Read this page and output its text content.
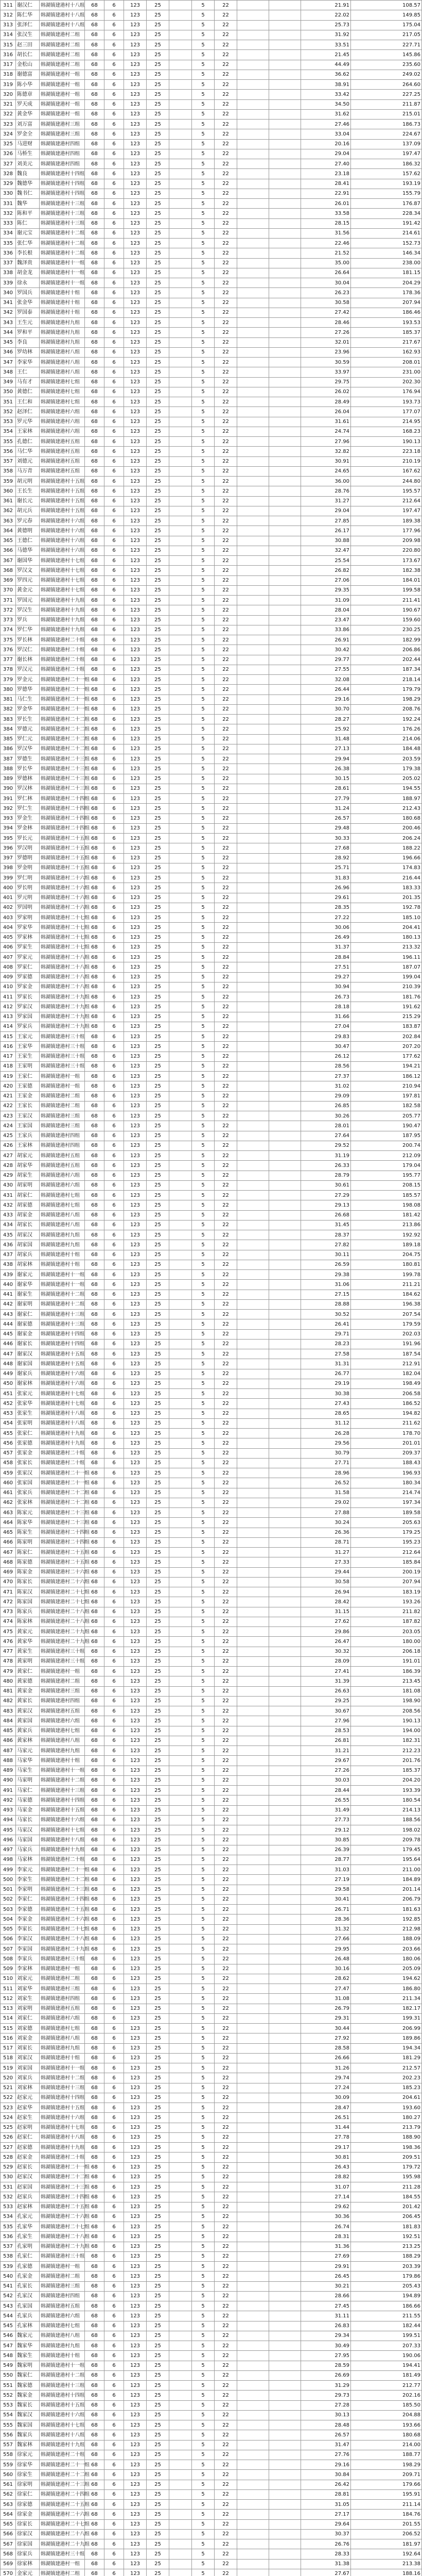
311	谢汉仁	韩湖镇建港村十八组	68	6	123	25		5	22			21.91	108.57
312	陈仁华	韩湖镇建港村十八组	68	6	123	25		5	22			22.02	149.85
313	张泽仁	韩湖镇建港村十八组	68	6	123	25		5	22			25.73	175.04
314	张汉生	韩湖镇建港村二组	68	6	123	25		5	22			31.92	217.05
315	赵三田	韩湖镇建港村二组	68	6	123	25		5	22			33.51	227.71
316	胡长仁	韩湖镇建港村二组	68	6	123	25		5	22			21.45	145.86
317	金松山	韩湖镇建港村二组	68	6	123	25		5	22			44.49	235.60
318	谢德富	韩湖镇建港村一组	68	6	123	25		5	22			36.62	249.02
319	陈小华	韩湖镇建港村一组	68	6	123	25		5	22			38.91	264.60
320	陈德章	韩湖镇建港村一组	68	6	123	25		5	22			33.42	227.25
321	罗天成	韩湖镇建港村一组	68	6	123	25		5	22			34.50	211.87
322	黄金华	韩湖镇建港村一组	68	6	123	25		5	22			31.62	215.01
323	刘万富	韩湖镇建港村三组	68	6	123	25		5	22			27.46	186.73
324	罗金全	韩湖镇建港村三组	68	6	123	25		5	22			33.04	224.67
325	马进财	韩湖镇建港村四组	68	6	123	25		5	22			20.16	137.09
326	马桥生	韩湖镇建港村四组	68	6	123	25		5	22			29.04	197.47
327	刘美元	韩湖镇建港村四组	68	6	123	25		5	22			27.40	186.32
328	魏良	韩湖镇建港村十四组	68	6	123	25		5	22			23.18	157.62
329	魏德华	韩湖镇建港村十四组	68	6	123	25		5	22			28.41	193.19
330	魏书仁	韩湖镇建港村十四组	68	6	123	25		5	22			22.91	155.79
331	魏华	韩湖镇建港村十三组	68	6	123	25		5	22			26.01	176.87
332	陈和平	韩湖镇建港村十三组	68	6	123	25		5	22			33.58	228.34
333	陈仁	韩湖镇建港村十三组	68	6	123	25		5	22			28.15	191.42
334	谢元宝	韩湖镇建港村十二组	68	6	123	25		5	22			31.56	214.61
335	张仁华	韩湖镇建港村十二组	68	6	123	25		5	22			22.46	152.73
336	李长根	韩湖镇建港村十二组	68	6	123	25		5	22			21.52	146.34
337	魏泽贵	韩湖镇建港村十一组	68	6	123	25		5	22			35.00	238.00
338	胡金龙	韩湖镇建港村十一组	68	6	123	25		5	22			26.64	181.15
339	徐永	韩湖镇建港村十一组	68	6	123	25		5	22			30.04	204.29
340	罗国兵	韩湖镇建港村十组	68	6	123	25		5	22			26.23	178.36
341	张金华	韩湖镇建港村十组	68	6	123	25		5	22			30.58	207.94
342	罗国泰	韩湖镇建港村十组	68	6	123	25		5	22			27.42	186.46
343	王生元	韩湖镇建港村九组	68	6	123	25		5	22			28.46	193.53
344	罗和平	韩湖镇建港村九组	68	6	123	25		5	22			27.26	185.37
345	李良	韩湖镇建港村九组	68	6	123	25		5	22			32.01	217.67
346	罗幼林	韩湖镇建港村八组	68	6	123	25		5	22			23.96	162.93
347	李家华	韩湖镇建港村八组	68	6	123	25		5	22			30.59	208.01
348	王仁	韩湖镇建港村八组	68	6	123	25		5	22			33.97	231.00
349	马有才	韩湖镇建港村七组	68	6	123	25		5	22			29.75	202.30
350	黄德仁	韩湖镇建港村七组	68	6	123	25		5	22			26.02	176.94
351	王仁和	韩湖镇建港村七组	68	6	123	25		5	22			28.49	193.73
352	赵泽仁	韩湖镇建港村六组	68	6	123	25		5	22			26.04	177.07
353	罗元华	韩湖镇建港村六组	68	6	123	25		5	22			31.61	214.95
354	王家林	韩湖镇建港村六组	68	6	123	25		5	22			24.74	168.23
355	孔德仁	韩湖镇建港村五组	68	6	123	25		5	22			27.96	190.13
356	马仁华	韩湖镇建港村五组	68	6	123	25		5	22			32.82	223.18
357	刘德元	韩湖镇建港村五组	68	6	123	25		5	22			30.91	210.19
358	马万青	韩湖镇建港村五组	68	6	123	25		5	22			24.65	167.62
359	胡元明	韩湖镇建港村十五组	68	6	123	25		5	22			36.00	244.80
360	王长生	韩湖镇建港村十五组	68	6	123	25		5	22			28.76	195.57
361	谢长元	韩湖镇建港村十五组	68	6	123	25		5	22			31.27	212.64
362	胡元兵	韩湖镇建港村十五组	68	6	123	25		5	22			29.04	197.47
363	罗元春	韩湖镇建港村十六组	68	6	123	25		5	22			27.85	189.38
364	黄德明	韩湖镇建港村十六组	68	6	123	25		5	22			26.17	177.96
365	王德仁	韩湖镇建港村十六组	68	6	123	25		5	22			30.88	209.98
366	马德华	韩湖镇建港村十六组	68	6	123	25		5	22			32.47	220.80
367	谢国华	韩湖镇建港村十七组	68	6	123	25		5	22			25.54	173.67
368	罗汉文	韩湖镇建港村十七组	68	6	123	25		5	22			26.82	182.38
369	罗四元	韩湖镇建港村十七组	68	6	123	25		5	22			27.06	184.01
370	黄金元	韩湖镇建港村十七组	68	6	123	25		5	22			29.35	199.58
371	罗国元	韩湖镇建港村十九组	68	6	123	25		5	22			31.09	211.41
372	罗汉生	韩湖镇建港村十九组	68	6	123	25		5	22			28.04	190.67
373	罗兵	韩湖镇建港村十九组	68	6	123	25		5	22			23.47	159.60
374	罗仁华	韩湖镇建港村十九组	68	6	123	25		5	22			33.86	230.25
375	罗长林	韩湖镇建港村二十组	68	6	123	25		5	22			26.91	182.99
376	罗汉仁	韩湖镇建港村二十组	68	6	123	25		5	22			30.42	206.86
377	谢长林	韩湖镇建港村二十组	68	6	123	25		5	22			29.77	202.44
378	罗汉元	韩湖镇建港村二十组	68	6	123	25		5	22			27.55	187.34
379	罗金元	韩湖镇建港村二十一组	68	6	123	25		5	22			32.08	218.14
380	罗德华	韩湖镇建港村二十一组	68	6	123	25		5	22			26.44	179.79
381	马仁生	韩湖镇建港村二十一组	68	6	123	25		5	22			29.16	198.29
382	罗金华	韩湖镇建港村二十一组	68	6	123	25		5	22			30.70	208.76
383	罗长生	韩湖镇建港村二十二组	68	6	123	25		5	22			28.27	192.24
384	罗德元	韩湖镇建港村二十二组	68	6	123	25		5	22			25.92	176.26
385	罗仁元	韩湖镇建港村二十二组	68	6	123	25		5	22			31.48	214.06
386	罗汉华	韩湖镇建港村二十二组	68	6	123	25		5	22			27.13	184.48
387	罗德生	韩湖镇建港村二十三组	68	6	123	25		5	22			29.94	203.59
388	罗长华	韩湖镇建港村二十三组	68	6	123	25		5	22			26.38	179.38
389	罗德林	韩湖镇建港村二十三组	68	6	123	25		5	22			30.15	205.02
390	罗汉林	韩湖镇建港村二十三组	68	6	123	25		5	22			28.61	194.55
391	罗仁林	韩湖镇建港村二十四组	68	6	123	25		5	22			27.79	188.97
392	罗仁生	韩湖镇建港村二十四组	68	6	123	25		5	22			31.24	212.43
393	罗金生	韩湖镇建港村二十四组	68	6	123	25		5	22			26.57	180.68
394	罗金林	韩湖镇建港村二十四组	68	6	123	25		5	22			29.48	200.46
395	罗长元	韩湖镇建港村二十五组	68	6	123	25		5	22			30.33	206.24
396	罗汉明	韩湖镇建港村二十五组	68	6	123	25		5	22			27.68	188.22
397	罗德明	韩湖镇建港村二十五组	68	6	123	25		5	22			28.92	196.66
398	罗金明	韩湖镇建港村二十五组	68	6	123	25		5	22			25.71	174.83
399	罗仁明	韩湖镇建港村二十六组	68	6	123	25		5	22			31.83	216.44
400	罗长明	韩湖镇建港村二十六组	68	6	123	25		5	22			26.96	183.33
401	罗元明	韩湖镇建港村二十六组	68	6	123	25		5	22			29.61	201.35
402	罗国明	韩湖镇建港村二十六组	68	6	123	25		5	22			28.35	192.78
403	罗家明	韩湖镇建港村二十七组	68	6	123	25		5	22			27.22	185.10
404	罗家华	韩湖镇建港村二十七组	68	6	123	25		5	22			30.06	204.41
405	罗家林	韩湖镇建港村二十七组	68	6	123	25		5	22			26.49	180.13
406	罗家生	韩湖镇建港村二十七组	68	6	123	25		5	22			31.37	213.32
407	罗家元	韩湖镇建港村二十八组	68	6	123	25		5	22			28.84	196.11
408	罗家仁	韩湖镇建港村二十八组	68	6	123	25		5	22			27.51	187.07
409	罗家德	韩湖镇建港村二十八组	68	6	123	25		5	22			29.27	199.04
410	罗家金	韩湖镇建港村二十八组	68	6	123	25		5	22			30.94	210.39
411	罗家长	韩湖镇建港村二十九组	68	6	123	25		5	22			26.73	181.76
412	罗家汉	韩湖镇建港村二十九组	68	6	123	25		5	22			28.18	191.62
413	罗家国	韩湖镇建港村二十九组	68	6	123	25		5	22			31.66	215.29
414	罗家兵	韩湖镇建港村二十九组	68	6	123	25		5	22			27.04	183.87
415	王家元	韩湖镇建港村三十组	68	6	123	25		5	22			29.83	202.84
416	王家华	韩湖镇建港村三十组	68	6	123	25		5	22			30.47	207.20
417	王家生	韩湖镇建港村三十组	68	6	123	25		5	22			26.12	177.62
418	王家明	韩湖镇建港村三十组	68	6	123	25		5	22			28.56	194.21
419	王家仁	韩湖镇建港村一组	68	6	123	25		5	22			27.37	186.12
420	王家德	韩湖镇建港村一组	68	6	123	25		5	22			31.02	210.94
421	王家金	韩湖镇建港村二组	68	6	123	25		5	22			29.09	197.81
422	王家长	韩湖镇建港村二组	68	6	123	25		5	22			26.85	182.58
423	王家汉	韩湖镇建港村三组	68	6	123	25		5	22			30.26	205.77
424	王家国	韩湖镇建港村三组	68	6	123	25		5	22			28.01	190.47
425	王家兵	韩湖镇建港村四组	68	6	123	25		5	22			27.64	187.95
426	王家林	韩湖镇建港村四组	68	6	123	25		5	22			29.52	200.74
427	胡家元	韩湖镇建港村五组	68	6	123	25		5	22			31.19	212.09
428	胡家华	韩湖镇建港村五组	68	6	123	25		5	22			26.33	179.04
429	胡家生	韩湖镇建港村六组	68	6	123	25		5	22			28.79	195.77
430	胡家明	韩湖镇建港村六组	68	6	123	25		5	22			30.61	208.15
431	胡家仁	韩湖镇建港村七组	68	6	123	25		5	22			27.29	185.57
432	胡家德	韩湖镇建港村七组	68	6	123	25		5	22			29.13	198.08
433	胡家金	韩湖镇建港村八组	68	6	123	25		5	22			26.68	181.42
434	胡家长	韩湖镇建港村八组	68	6	123	25		5	22			31.45	213.86
435	胡家汉	韩湖镇建港村九组	68	6	123	25		5	22			28.37	192.92
436	胡家国	韩湖镇建港村九组	68	6	123	25		5	22			27.82	189.18
437	胡家兵	韩湖镇建港村十组	68	6	123	25		5	22			30.11	204.75
438	胡家林	韩湖镇建港村十组	68	6	123	25		5	22			26.59	180.81
439	谢家元	韩湖镇建港村十一组	68	6	123	25		5	22			29.38	199.78
440	谢家华	韩湖镇建港村十一组	68	6	123	25		5	22			31.06	211.21
441	谢家生	韩湖镇建港村十二组	68	6	123	25		5	22			27.15	184.62
442	谢家明	韩湖镇建港村十二组	68	6	123	25		5	22			28.88	196.38
443	谢家仁	韩湖镇建港村十三组	68	6	123	25		5	22			30.52	207.54
444	谢家德	韩湖镇建港村十三组	68	6	123	25		5	22			26.41	179.59
445	谢家金	韩湖镇建港村十四组	68	6	123	25		5	22			29.71	202.03
446	谢家长	韩湖镇建港村十四组	68	6	123	25		5	22			28.23	191.96
447	谢家汉	韩湖镇建港村十五组	68	6	123	25		5	22			27.58	187.54
448	谢家国	韩湖镇建港村十五组	68	6	123	25		5	22			31.31	212.91
449	谢家兵	韩湖镇建港村十六组	68	6	123	25		5	22			26.77	182.04
450	谢家林	韩湖镇建港村十六组	68	6	123	25		5	22			29.19	198.49
451	张家元	韩湖镇建港村十七组	68	6	123	25		5	22			30.38	206.58
452	张家华	韩湖镇建港村十七组	68	6	123	25		5	22			27.43	186.52
453	张家生	韩湖镇建港村十八组	68	6	123	25		5	22			28.65	194.82
454	张家明	韩湖镇建港村十八组	68	6	123	25		5	22			31.12	211.62
455	张家仁	韩湖镇建港村十九组	68	6	123	25		5	22			26.28	178.70
456	张家德	韩湖镇建港村十九组	68	6	123	25		5	22			29.56	201.01
457	张家金	韩湖镇建港村二十组	68	6	123	25		5	22			30.79	209.37
458	张家长	韩湖镇建港村二十组	68	6	123	25		5	22			27.71	188.43
459	张家汉	韩湖镇建港村二十一组	68	6	123	25		5	22			28.96	196.93
460	张家国	韩湖镇建港村二十一组	68	6	123	25		5	22			26.52	180.34
461	张家兵	韩湖镇建港村二十二组	68	6	123	25		5	22			31.58	214.74
462	张家林	韩湖镇建港村二十二组	68	6	123	25		5	22			29.02	197.34
463	陈家元	韩湖镇建港村二十三组	68	6	123	25		5	22			27.88	189.58
464	陈家华	韩湖镇建港村二十三组	68	6	123	25		5	22			30.24	205.63
465	陈家生	韩湖镇建港村二十四组	68	6	123	25		5	22			26.36	179.25
466	陈家明	韩湖镇建港村二十四组	68	6	123	25		5	22			28.71	195.23
467	陈家仁	韩湖镇建港村二十五组	68	6	123	25		5	22			31.27	212.64
468	陈家德	韩湖镇建港村二十五组	68	6	123	25		5	22			27.33	185.84
469	陈家金	韩湖镇建港村二十六组	68	6	123	25		5	22			29.44	200.19
470	陈家长	韩湖镇建港村二十六组	68	6	123	25		5	22			30.58	207.94
471	陈家汉	韩湖镇建港村二十七组	68	6	123	25		5	22			26.94	183.19
472	陈家国	韩湖镇建港村二十七组	68	6	123	25		5	22			28.42	193.26
473	陈家兵	韩湖镇建港村二十八组	68	6	123	25		5	22			31.15	211.82
474	陈家林	韩湖镇建港村二十八组	68	6	123	25		5	22			27.62	187.82
475	黄家元	韩湖镇建港村二十九组	68	6	123	25		5	22			29.86	203.05
476	黄家华	韩湖镇建港村二十九组	68	6	123	25		5	22			26.47	180.00
477	黄家生	韩湖镇建港村三十组	68	6	123	25		5	22			30.32	206.18
478	黄家明	韩湖镇建港村三十组	68	6	123	25		5	22			28.09	191.01
479	黄家仁	韩湖镇建港村一组	68	6	123	25		5	22			27.41	186.39
480	黄家德	韩湖镇建港村二组	68	6	123	25		5	22			31.39	213.45
481	黄家金	韩湖镇建港村三组	68	6	123	25		5	22			26.63	181.08
482	黄家长	韩湖镇建港村四组	68	6	123	25		5	22			29.25	198.90
483	黄家汉	韩湖镇建港村五组	68	6	123	25		5	22			30.67	208.56
484	黄家国	韩湖镇建港村六组	68	6	123	25		5	22			27.96	190.13
485	黄家兵	韩湖镇建港村七组	68	6	123	25		5	22			28.53	194.00
486	黄家林	韩湖镇建港村八组	68	6	123	25		5	22			26.81	182.31
487	马家元	韩湖镇建港村九组	68	6	123	25		5	22			31.21	212.23
488	马家华	韩湖镇建港村十组	68	6	123	25		5	22			29.67	201.76
489	马家生	韩湖镇建港村十一组	68	6	123	25		5	22			27.26	185.37
490	马家明	韩湖镇建港村十二组	68	6	123	25		5	22			30.03	204.20
491	马家仁	韩湖镇建港村十三组	68	6	123	25		5	22			28.44	193.39
492	马家德	韩湖镇建港村十四组	68	6	123	25		5	22			26.55	180.54
493	马家金	韩湖镇建港村十五组	68	6	123	25		5	22			31.49	214.13
494	马家长	韩湖镇建港村十六组	68	6	123	25		5	22			27.73	188.56
495	马家汉	韩湖镇建港村十七组	68	6	123	25		5	22			29.12	198.02
496	马家国	韩湖镇建港村十八组	68	6	123	25		5	22			30.85	209.78
497	马家兵	韩湖镇建港村十九组	68	6	123	25		5	22			26.39	179.45
498	马家林	韩湖镇建港村二十组	68	6	123	25		5	22			28.77	195.64
499	李家元	韩湖镇建港村二十一组	68	6	123	25		5	22			31.03	211.00
500	李家生	韩湖镇建港村二十二组	68	6	123	25		5	22			27.19	184.89
501	李家明	韩湖镇建港村二十三组	68	6	123	25		5	22			29.58	201.14
502	李家仁	韩湖镇建港村二十四组	68	6	123	25		5	22			30.41	206.79
503	李家德	韩湖镇建港村二十五组	68	6	123	25		5	22			26.71	181.63
504	李家金	韩湖镇建港村二十六组	68	6	123	25		5	22			28.36	192.85
505	李家长	韩湖镇建港村二十七组	68	6	123	25		5	22			31.32	212.98
506	李家汉	韩湖镇建港村二十八组	68	6	123	25		5	22			27.66	188.09
507	李家国	韩湖镇建港村二十九组	68	6	123	25		5	22			29.95	203.66
508	李家兵	韩湖镇建港村三十组	68	6	123	25		5	22			26.48	180.06
509	李家林	韩湖镇建港村一组	68	6	123	25		5	22			30.16	205.09
510	刘家元	韩湖镇建港村二组	68	6	123	25		5	22			28.62	194.62
511	刘家华	韩湖镇建港村三组	68	6	123	25		5	22			27.47	186.80
512	刘家生	韩湖镇建港村四组	68	6	123	25		5	22			31.08	211.34
513	刘家明	韩湖镇建港村五组	68	6	123	25		5	22			26.79	182.17
514	刘家仁	韩湖镇建港村六组	68	6	123	25		5	22			29.31	199.31
515	刘家德	韩湖镇建港村七组	68	6	123	25		5	22			30.44	206.99
516	刘家金	韩湖镇建港村八组	68	6	123	25		5	22			27.92	189.86
517	刘家长	韩湖镇建港村九组	68	6	123	25		5	22			28.58	194.34
518	刘家汉	韩湖镇建港村十组	68	6	123	25		5	22			26.66	181.29
519	刘家国	韩湖镇建港村十一组	68	6	123	25		5	22			31.26	212.57
520	刘家兵	韩湖镇建港村十二组	68	6	123	25		5	22			29.74	202.23
521	刘家林	韩湖镇建港村十三组	68	6	123	25		5	22			27.24	185.23
522	赵家元	韩湖镇建港村十四组	68	6	123	25		5	22			30.09	204.61
523	赵家华	韩湖镇建港村十五组	68	6	123	25		5	22			28.47	193.60
524	赵家生	韩湖镇建港村十六组	68	6	123	25		5	22			26.51	180.27
525	赵家明	韩湖镇建港村十七组	68	6	123	25		5	22			31.44	213.79
526	赵家仁	韩湖镇建港村十八组	68	6	123	25		5	22			27.78	188.90
527	赵家德	韩湖镇建港村十九组	68	6	123	25		5	22			29.17	198.36
528	赵家金	韩湖镇建港村二十组	68	6	123	25		5	22			30.81	209.51
529	赵家长	韩湖镇建港村二十一组	68	6	123	25		5	22			26.43	179.72
530	赵家汉	韩湖镇建港村二十二组	68	6	123	25		5	22			28.82	195.98
531	赵家国	韩湖镇建港村二十三组	68	6	123	25		5	22			31.07	211.28
532	赵家兵	韩湖镇建港村二十四组	68	6	123	25		5	22			27.14	184.55
533	赵家林	韩湖镇建港村二十五组	68	6	123	25		5	22			29.62	201.42
534	孔家元	韩湖镇建港村二十六组	68	6	123	25		5	22			30.36	206.45
535	孔家华	韩湖镇建港村二十七组	68	6	123	25		5	22			26.74	181.83
536	孔家生	韩湖镇建港村二十八组	68	6	123	25		5	22			28.31	192.51
537	孔家明	韩湖镇建港村二十九组	68	6	123	25		5	22			31.36	213.25
538	孔家仁	韩湖镇建港村三十组	68	6	123	25		5	22			27.69	188.29
539	孔家德	韩湖镇建港村一组	68	6	123	25		5	22			29.91	203.39
540	孔家金	韩湖镇建港村二组	68	6	123	25		5	22			26.45	179.86
541	孔家长	韩湖镇建港村三组	68	6	123	25		5	22			30.21	205.43
542	孔家汉	韩湖镇建港村四组	68	6	123	25		5	22			28.66	194.89
543	孔家国	韩湖镇建港村五组	68	6	123	25		5	22			27.45	186.66
544	孔家兵	韩湖镇建港村六组	68	6	123	25		5	22			31.11	211.55
545	孔家林	韩湖镇建港村七组	68	6	123	25		5	22			26.83	182.44
546	魏家元	韩湖镇建港村八组	68	6	123	25		5	22			29.34	199.51
547	魏家华	韩湖镇建港村九组	68	6	123	25		5	22			30.49	207.33
548	魏家生	韩湖镇建港村十组	68	6	123	25		5	22			27.95	190.06
549	魏家明	韩湖镇建港村十一组	68	6	123	25		5	22			28.59	194.41
550	魏家仁	韩湖镇建港村十二组	68	6	123	25		5	22			26.69	181.49
551	魏家德	韩湖镇建港村十三组	68	6	123	25		5	22			31.29	212.77
552	魏家金	韩湖镇建港村十四组	68	6	123	25		5	22			29.73	202.16
553	魏家长	韩湖镇建港村十五组	68	6	123	25		5	22			27.28	185.50
554	魏家汉	韩湖镇建港村十六组	68	6	123	25		5	22			30.13	204.88
555	魏家国	韩湖镇建港村十七组	68	6	123	25		5	22			28.48	193.66
556	魏家兵	韩湖镇建港村十八组	68	6	123	25		5	22			26.57	180.68
557	魏家林	韩湖镇建港村十九组	68	6	123	25		5	22			31.47	214.00
558	徐家元	韩湖镇建港村二十组	68	6	123	25		5	22			27.76	188.77
559	徐家华	韩湖镇建港村二十一组	68	6	123	25		5	22			29.16	198.29
560	徐家生	韩湖镇建港村二十二组	68	6	123	25		5	22			30.84	209.71
561	徐家明	韩湖镇建港村二十三组	68	6	123	25		5	22			26.42	179.66
562	徐家仁	韩湖镇建港村二十四组	68	6	123	25		5	22			28.81	195.91
563	徐家德	韩湖镇建港村二十五组	68	6	123	25		5	22			31.05	211.14
564	徐家金	韩湖镇建港村二十六组	68	6	123	25		5	22			27.17	184.76
565	徐家长	韩湖镇建港村二十七组	68	6	123	25		5	22			29.64	201.55
566	徐家汉	韩湖镇建港村二十八组	68	6	123	25		5	22			30.37	206.52
567	徐家国	韩湖镇建港村二十九组	68	6	123	25		5	22			26.76	181.97
568	徐家兵	韩湖镇建港村三十组	68	6	123	25		5	22			28.33	192.64
569	徐家林	韩湖镇建港村一组	68	6	123	25		5	22			31.38	213.38
570	金家元	韩湖镇建港村二组	68	6	123	25		5	22			27.67	188.16
